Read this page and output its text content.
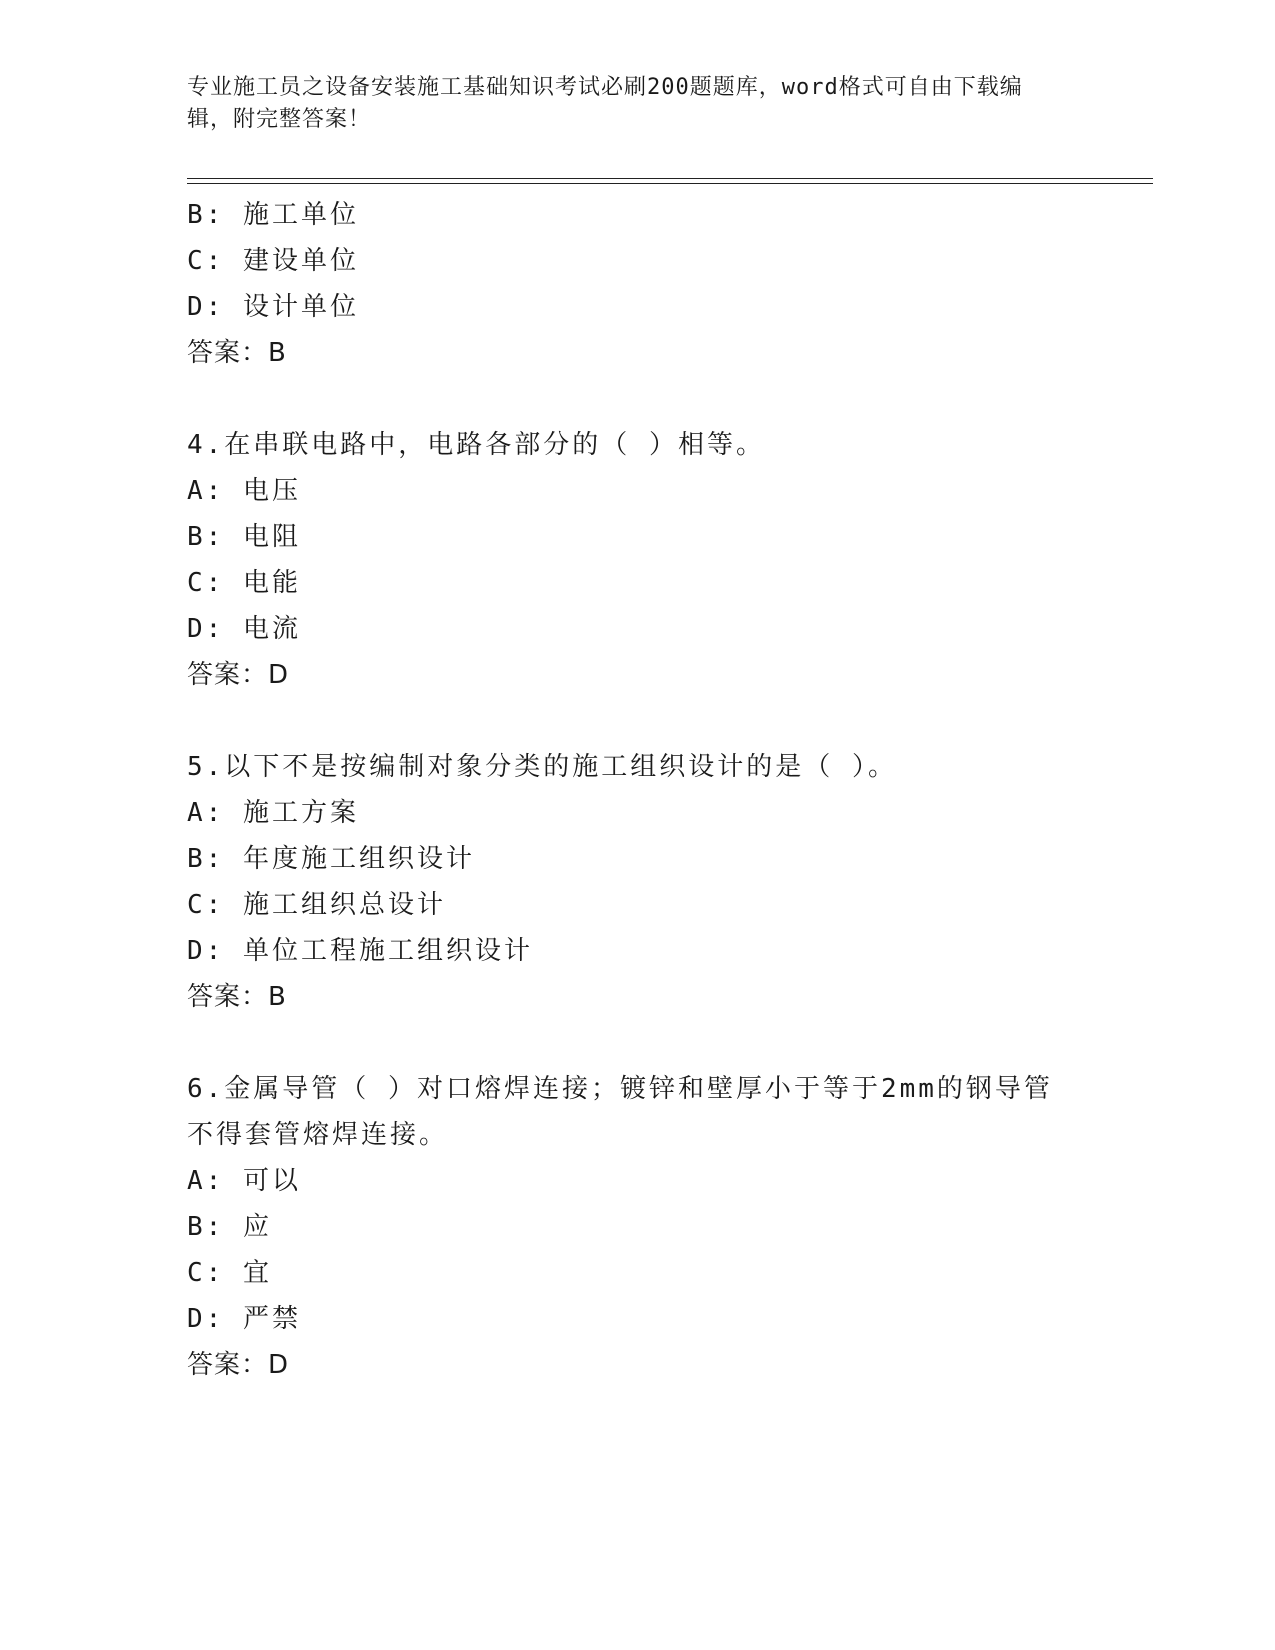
专业施工员之设备安装施工基础知识考试必刷200题题库，word格式可自由下载编辑，附完整答案！
B: 施工单位
C: 建设单位
D: 设计单位
答案：B
4.在串联电路中，电路各部分的（ ）相等。
A: 电压
B: 电阻
C: 电能
D: 电流
答案：D
5.以下不是按编制对象分类的施工组织设计的是（ ）。
A: 施工方案
B: 年度施工组织设计
C: 施工组织总设计
D: 单位工程施工组织设计
答案：B
6.金属导管（ ）对口熔焊连接；镀锌和壁厚小于等于2mm的钢导管不得套管熔焊连接。
A: 可以
B: 应
C: 宜
D: 严禁
答案：D
